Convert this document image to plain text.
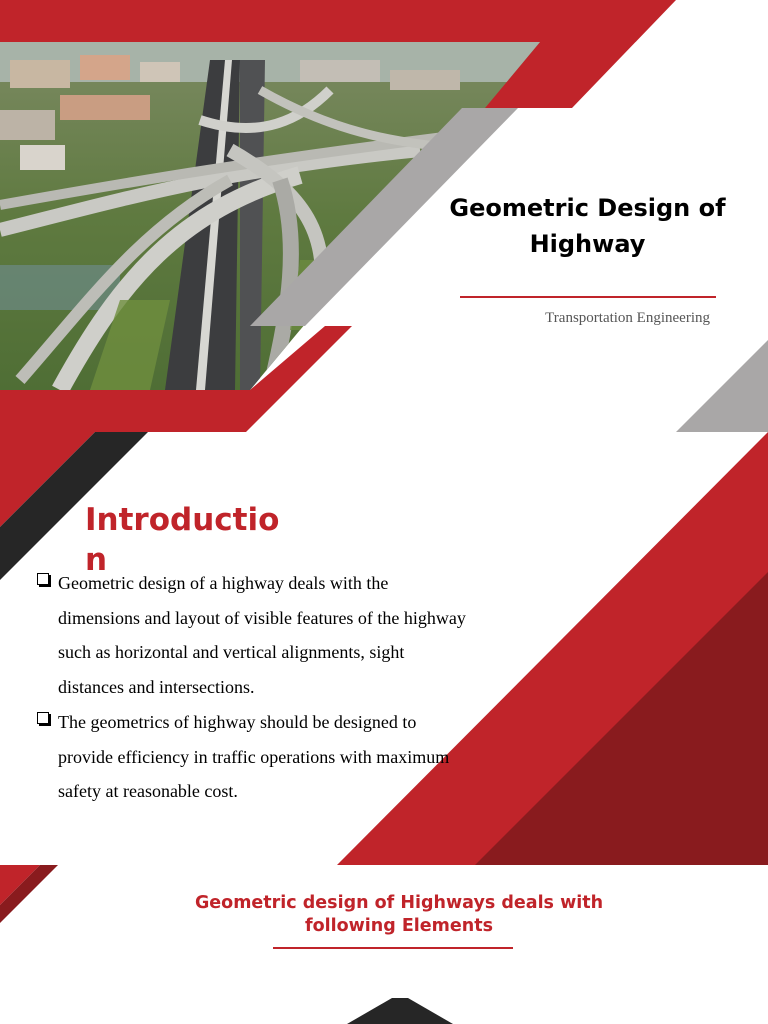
Geometric Design of Highway

Transportation Engineering

Introduction
Geometric design of a highway deals with the dimensions and layout of visible features of the highway such as horizontal and vertical alignments, sight distances and intersections.
The geometrics of highway should be designed to provide efficiency in traffic operations with maximum safety at reasonable cost.
Geometric design of Highways deals with following Elements
